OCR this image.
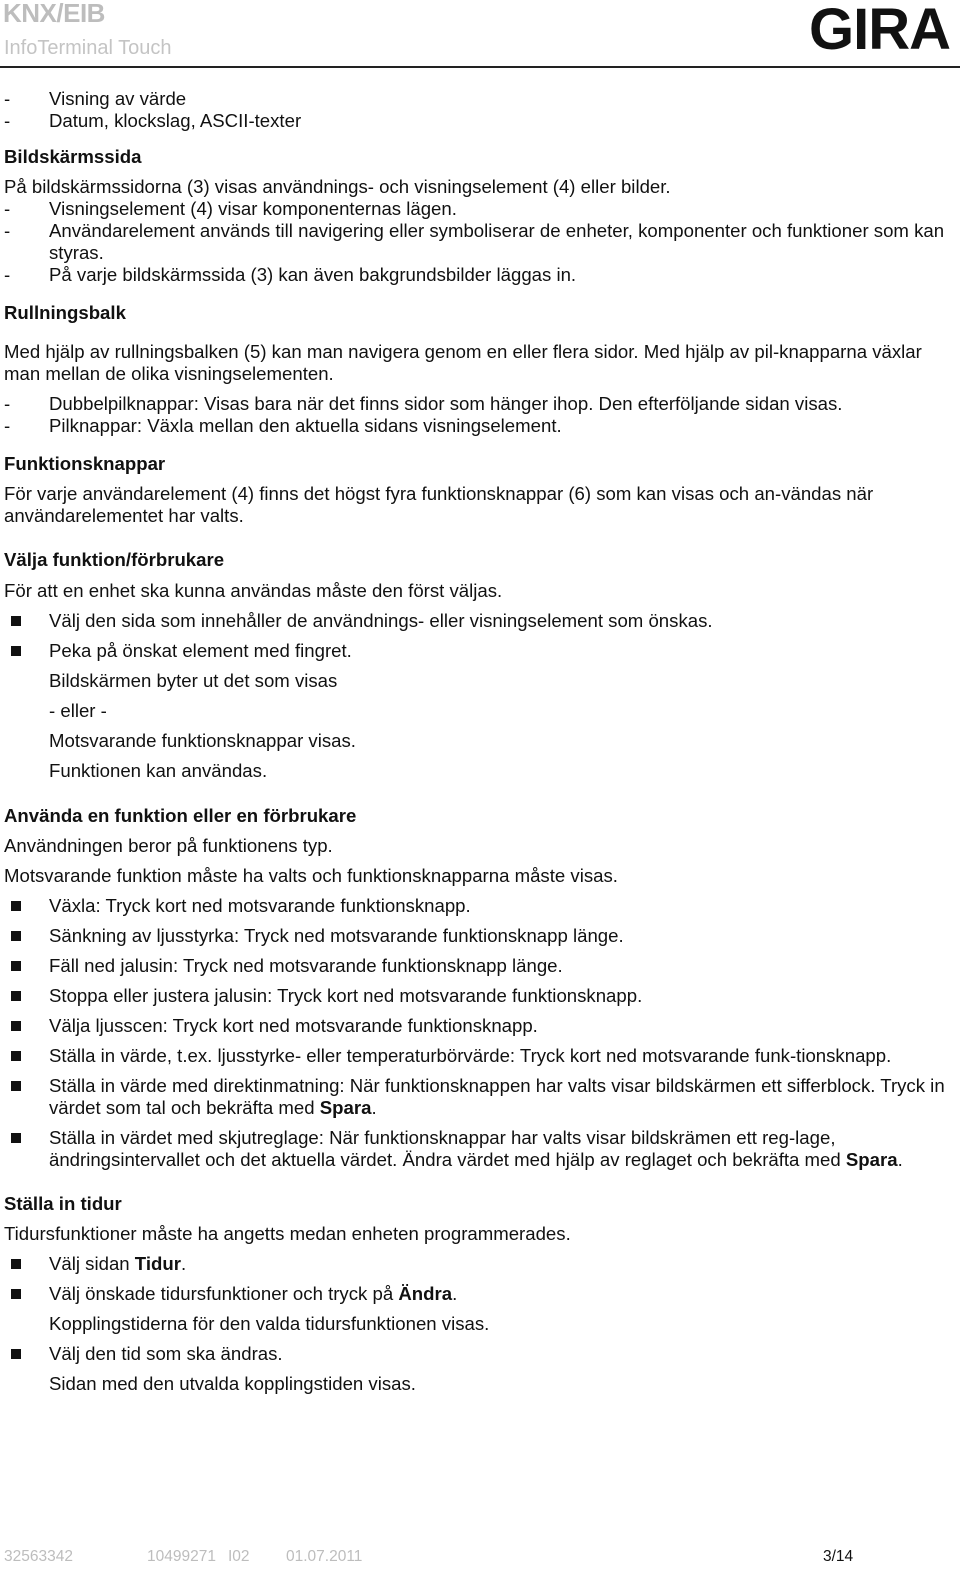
KNX/EIB
InfoTerminal Touch	GIRA
- Visning av värde
- Datum, klockslag, ASCII-texter
Bildskärmssida
På bildskärmssidorna (3) visas användnings- och visningselement (4) eller bilder.
- Visningselement (4) visar komponenternas lägen.
- Användarelement används till navigering eller symboliserar de enheter, komponenter och funktioner som kan styras.
- På varje bildskärmssida (3) kan även bakgrundsbilder läggas in.
Rullningsbalk
Med hjälp av rullningsbalken (5) kan man navigera genom en eller flera sidor. Med hjälp av pil-knapparna växlar man mellan de olika visningselementen.
- Dubbelpilknappar: Visas bara när det finns sidor som hänger ihop. Den efterföljande sidan visas.
- Pilknappar: Växla mellan den aktuella sidans visningselement.
Funktionsknappar
För varje användarelement (4) finns det högst fyra funktionsknappar (6) som kan visas och an-vändas när användarelementet har valts.
Välja funktion/förbrukare
För att en enhet ska kunna användas måste den först väljas.
Välj den sida som innehåller de användnings- eller visningselement som önskas.
Peka på önskat element med fingret.
Bildskärmen byter ut det som visas
- eller -
Motsvarande funktionsknappar visas.
Funktionen kan användas.
Använda en funktion eller en förbrukare
Användningen beror på funktionens typ.
Motsvarande funktion måste ha valts och funktionsknapparna måste visas.
Växla: Tryck kort ned motsvarande funktionsknapp.
Sänkning av ljusstyrka: Tryck ned motsvarande funktionsknapp länge.
Fäll ned jalusin: Tryck ned motsvarande funktionsknapp länge.
Stoppa eller justera jalusin: Tryck kort ned motsvarande funktionsknapp.
Välja ljusscen: Tryck kort ned motsvarande funktionsknapp.
Ställa in värde, t.ex. ljusstyrke- eller temperaturbörvärde: Tryck kort ned motsvarande funk-tionsknapp.
Ställa in värde med direktinmatning: När funktionsknappen har valts visar bildskärmen ett sifferblock. Tryck in värdet som tal och bekräfta med Spara.
Ställa in värdet med skjutreglage: När funktionsknappar har valts visar bildskrämen ett reg-lage, ändringsintervallet och det aktuella värdet. Ändra värdet med hjälp av reglaget och bekräfta med Spara.
Ställa in tidur
Tidursfunktioner måste ha angetts medan enheten programmerades.
Välj sidan Tidur.
Välj önskade tidursfunktioner och tryck på Ändra.
Kopplingstiderna för den valda tidursfunktionen visas.
Välj den tid som ska ändras.
Sidan med den utvalda kopplingstiden visas.
32563342	10499271 I02 01.07.2011	3/14
